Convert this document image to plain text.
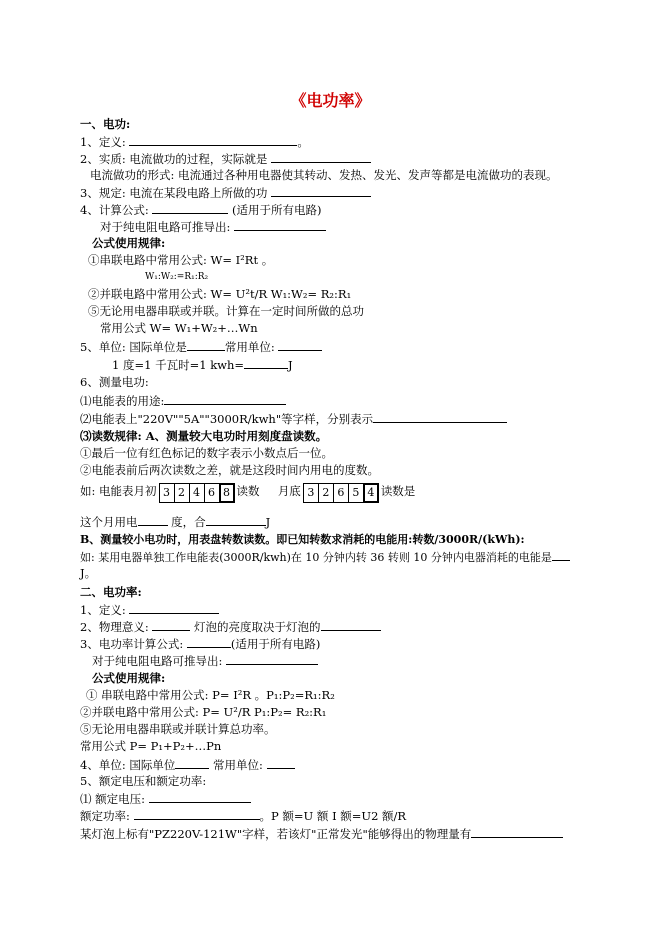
《电功率》
一、电功:
1、定义:	。
2、实质: 电流做功的过程，实际就是
电流做功的形式: 电流通过各种用电器使其转动、发热、发光、发声等都是电流做功的表现。
3、规定: 电流在某段电路上所做的功
4、计算公式:	(适用于所有电路)
对于纯电阻电路可推导出:
公式使用规律:
①串联电路中常用公式: W= I²Rt 。
W₁:W₂:=R₁:R₂
②并联电路中常用公式: W= U²t/R W₁:W₂= R₂:R₁
⑤无论用电器串联或并联。计算在一定时间所做的总功
常用公式 W= W₁+W₂+…Wn
5、单位: 国际单位是	常用单位:
1 度=1 千瓦时=1 kwh=	J
6、测量电功:
⑴电能表的用途:
⑵电能表上"220V""5A""3000R/kwh"等字样，分别表示
⑶读数规律: A、测量较大电功时用刻度盘读数。
①最后一位有红色标记的数字表示小数点后一位。
②电能表前后两次读数之差，就是这段时间内用电的度数。
如: 电能表月初 3 2 4 6 8 读数 月底 3 2 6 5 4 读数是
这个月用电	度，合	J
B、测量较小电功时，用表盘转数读数。即已知转数求消耗的电能用:转数/3000R/(kWh):
如: 某用电器单独工作电能表(3000R/kwh)在 10 分钟内转 36 转则 10 分钟内电器消耗的电能是
J。
二、电功率:
1、定义:
2、物理意义:	灯泡的亮度取决于灯泡的
3、电功率计算公式:	(适用于所有电路)
对于纯电阻电路可推导出:
公式使用规律:
① 串联电路中常用公式: P= I²R 。P₁:P₂=R₁:R₂
②并联电路中常用公式: P= U²/R P₁:P₂= R₂:R₁
⑤无论用电器串联或并联计算总功率。
常用公式 P= P₁+P₂+…Pn
4、单位: 国际单位	常用单位:
5、额定电压和额定功率:
⑴ 额定电压:
额定功率:	。P 额=U 额 I 额=U2 额/R
某灯泡上标有"PZ220V-121W"字样，若该灯"正常发光"能够得出的物理量有
